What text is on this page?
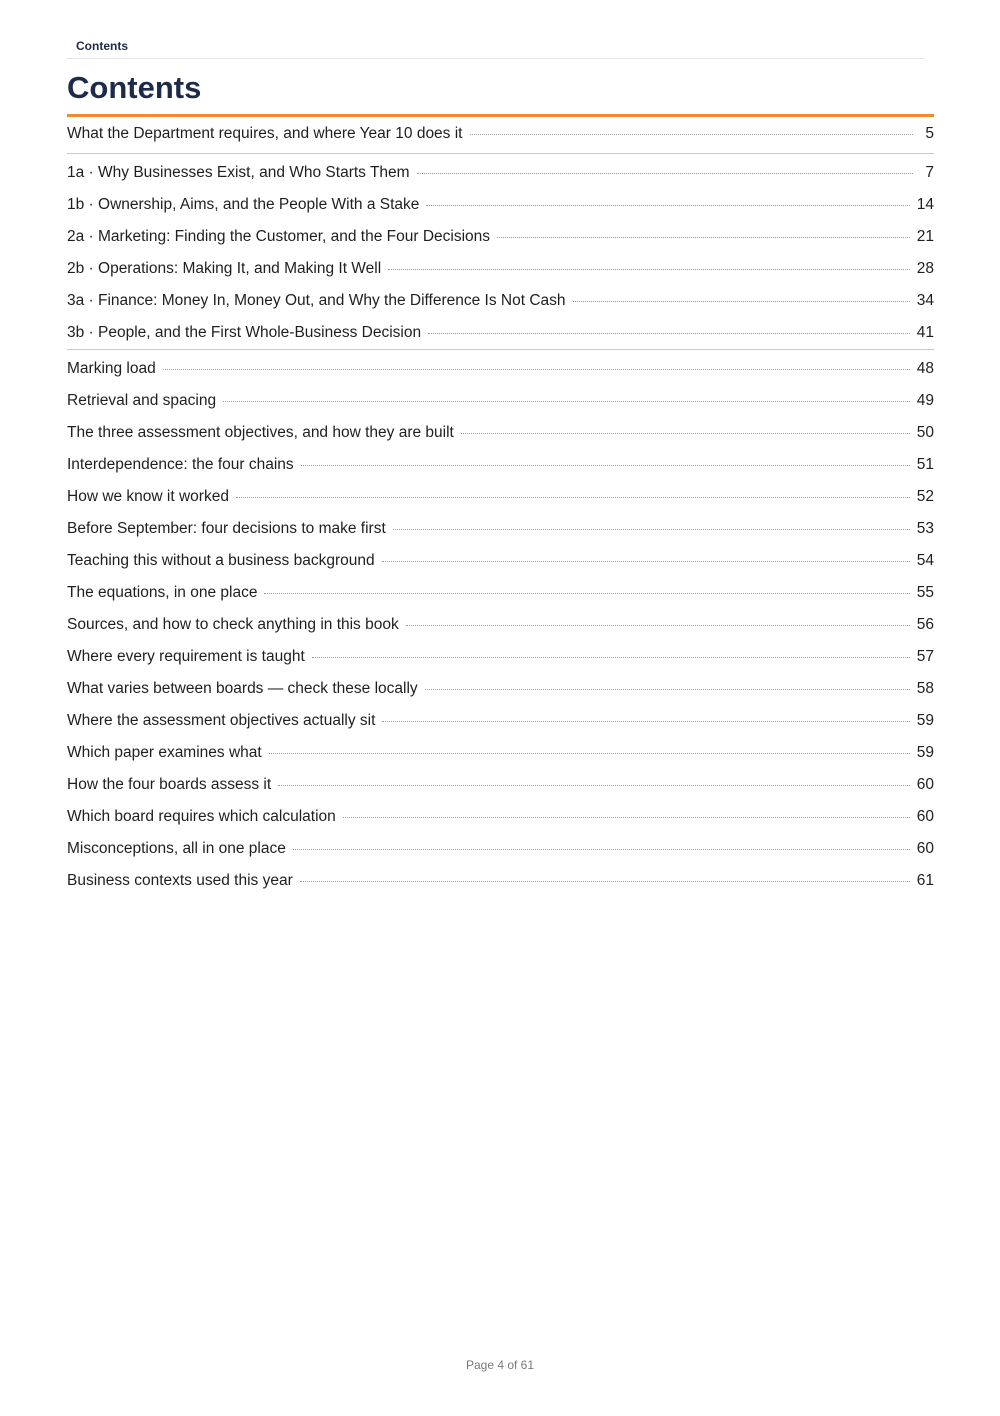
Contents
Contents
What the Department requires, and where Year 10 does it	5
1a · Why Businesses Exist, and Who Starts Them	7
1b · Ownership, Aims, and the People With a Stake	14
2a · Marketing: Finding the Customer, and the Four Decisions	21
2b · Operations: Making It, and Making It Well	28
3a · Finance: Money In, Money Out, and Why the Difference Is Not Cash	34
3b · People, and the First Whole-Business Decision	41
Marking load	48
Retrieval and spacing	49
The three assessment objectives, and how they are built	50
Interdependence: the four chains	51
How we know it worked	52
Before September: four decisions to make first	53
Teaching this without a business background	54
The equations, in one place	55
Sources, and how to check anything in this book	56
Where every requirement is taught	57
What varies between boards — check these locally	58
Where the assessment objectives actually sit	59
Which paper examines what	59
How the four boards assess it	60
Which board requires which calculation	60
Misconceptions, all in one place	60
Business contexts used this year	61
Page 4 of 61
